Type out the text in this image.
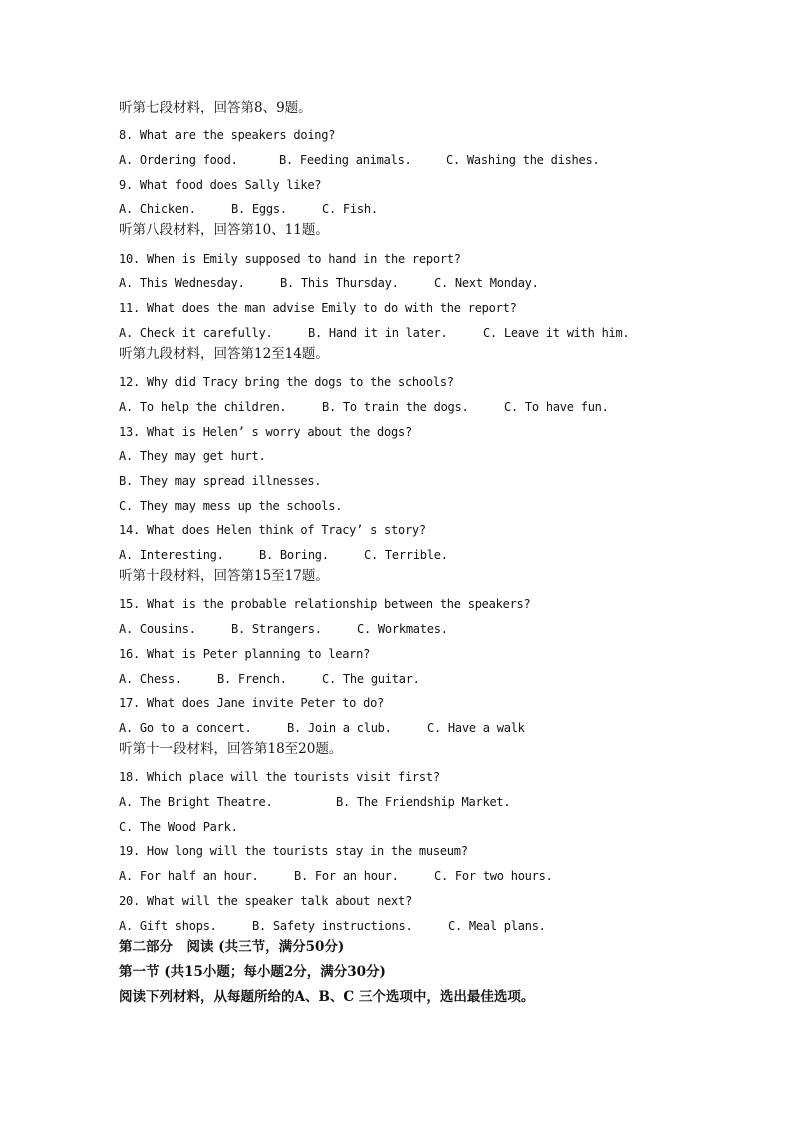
听第七段材料，回答第8、9题。
8. What are the speakers doing?
A. Ordering food.	B. Feeding animals.	C. Washing the dishes.
9. What food does Sally like?
A. Chicken.	B. Eggs.	C. Fish.
听第八段材料，回答第10、11题。
10. When is Emily supposed to hand in the report?
A. This Wednesday.	B. This Thursday.	C. Next Monday.
11. What does the man advise Emily to do with the report?
A. Check it carefully.	B. Hand it in later.	C. Leave it with him.
听第九段材料，回答第12至14题。
12. Why did Tracy bring the dogs to the schools?
A. To help the children.	B. To train the dogs.	C. To have fun.
13. What is Helen’ s worry about the dogs?
A. They may get hurt.
B. They may spread illnesses.
C. They may mess up the schools.
14. What does Helen think of Tracy’ s story?
A. Interesting.	B. Boring.	C. Terrible.
听第十段材料，回答第15至17题。
15. What is the probable relationship between the speakers?
A. Cousins.	B. Strangers.	C. Workmates.
16. What is Peter planning to learn?
A. Chess.	B. French.	C. The guitar.
17. What does Jane invite Peter to do?
A. Go to a concert.	B. Join a club.	C. Have a walk
听第十一段材料，回答第18至20题。
18. Which place will the tourists visit first?
A. The Bright Theatre.	B. The Friendship Market.
C. The Wood Park.
19. How long will the tourists stay in the museum?
A. For half an hour.	B. For an hour.	C. For two hours.
20. What will the speaker talk about next?
A. Gift shops.	B. Safety instructions.	C. Meal plans.
第二部分　阅读 (共三节，满分50分)
第一节 (共15小题；每小题2分，满分30分)
阅读下列材料，从每题所给的A、B、C 三个选项中，选出最佳选项。
